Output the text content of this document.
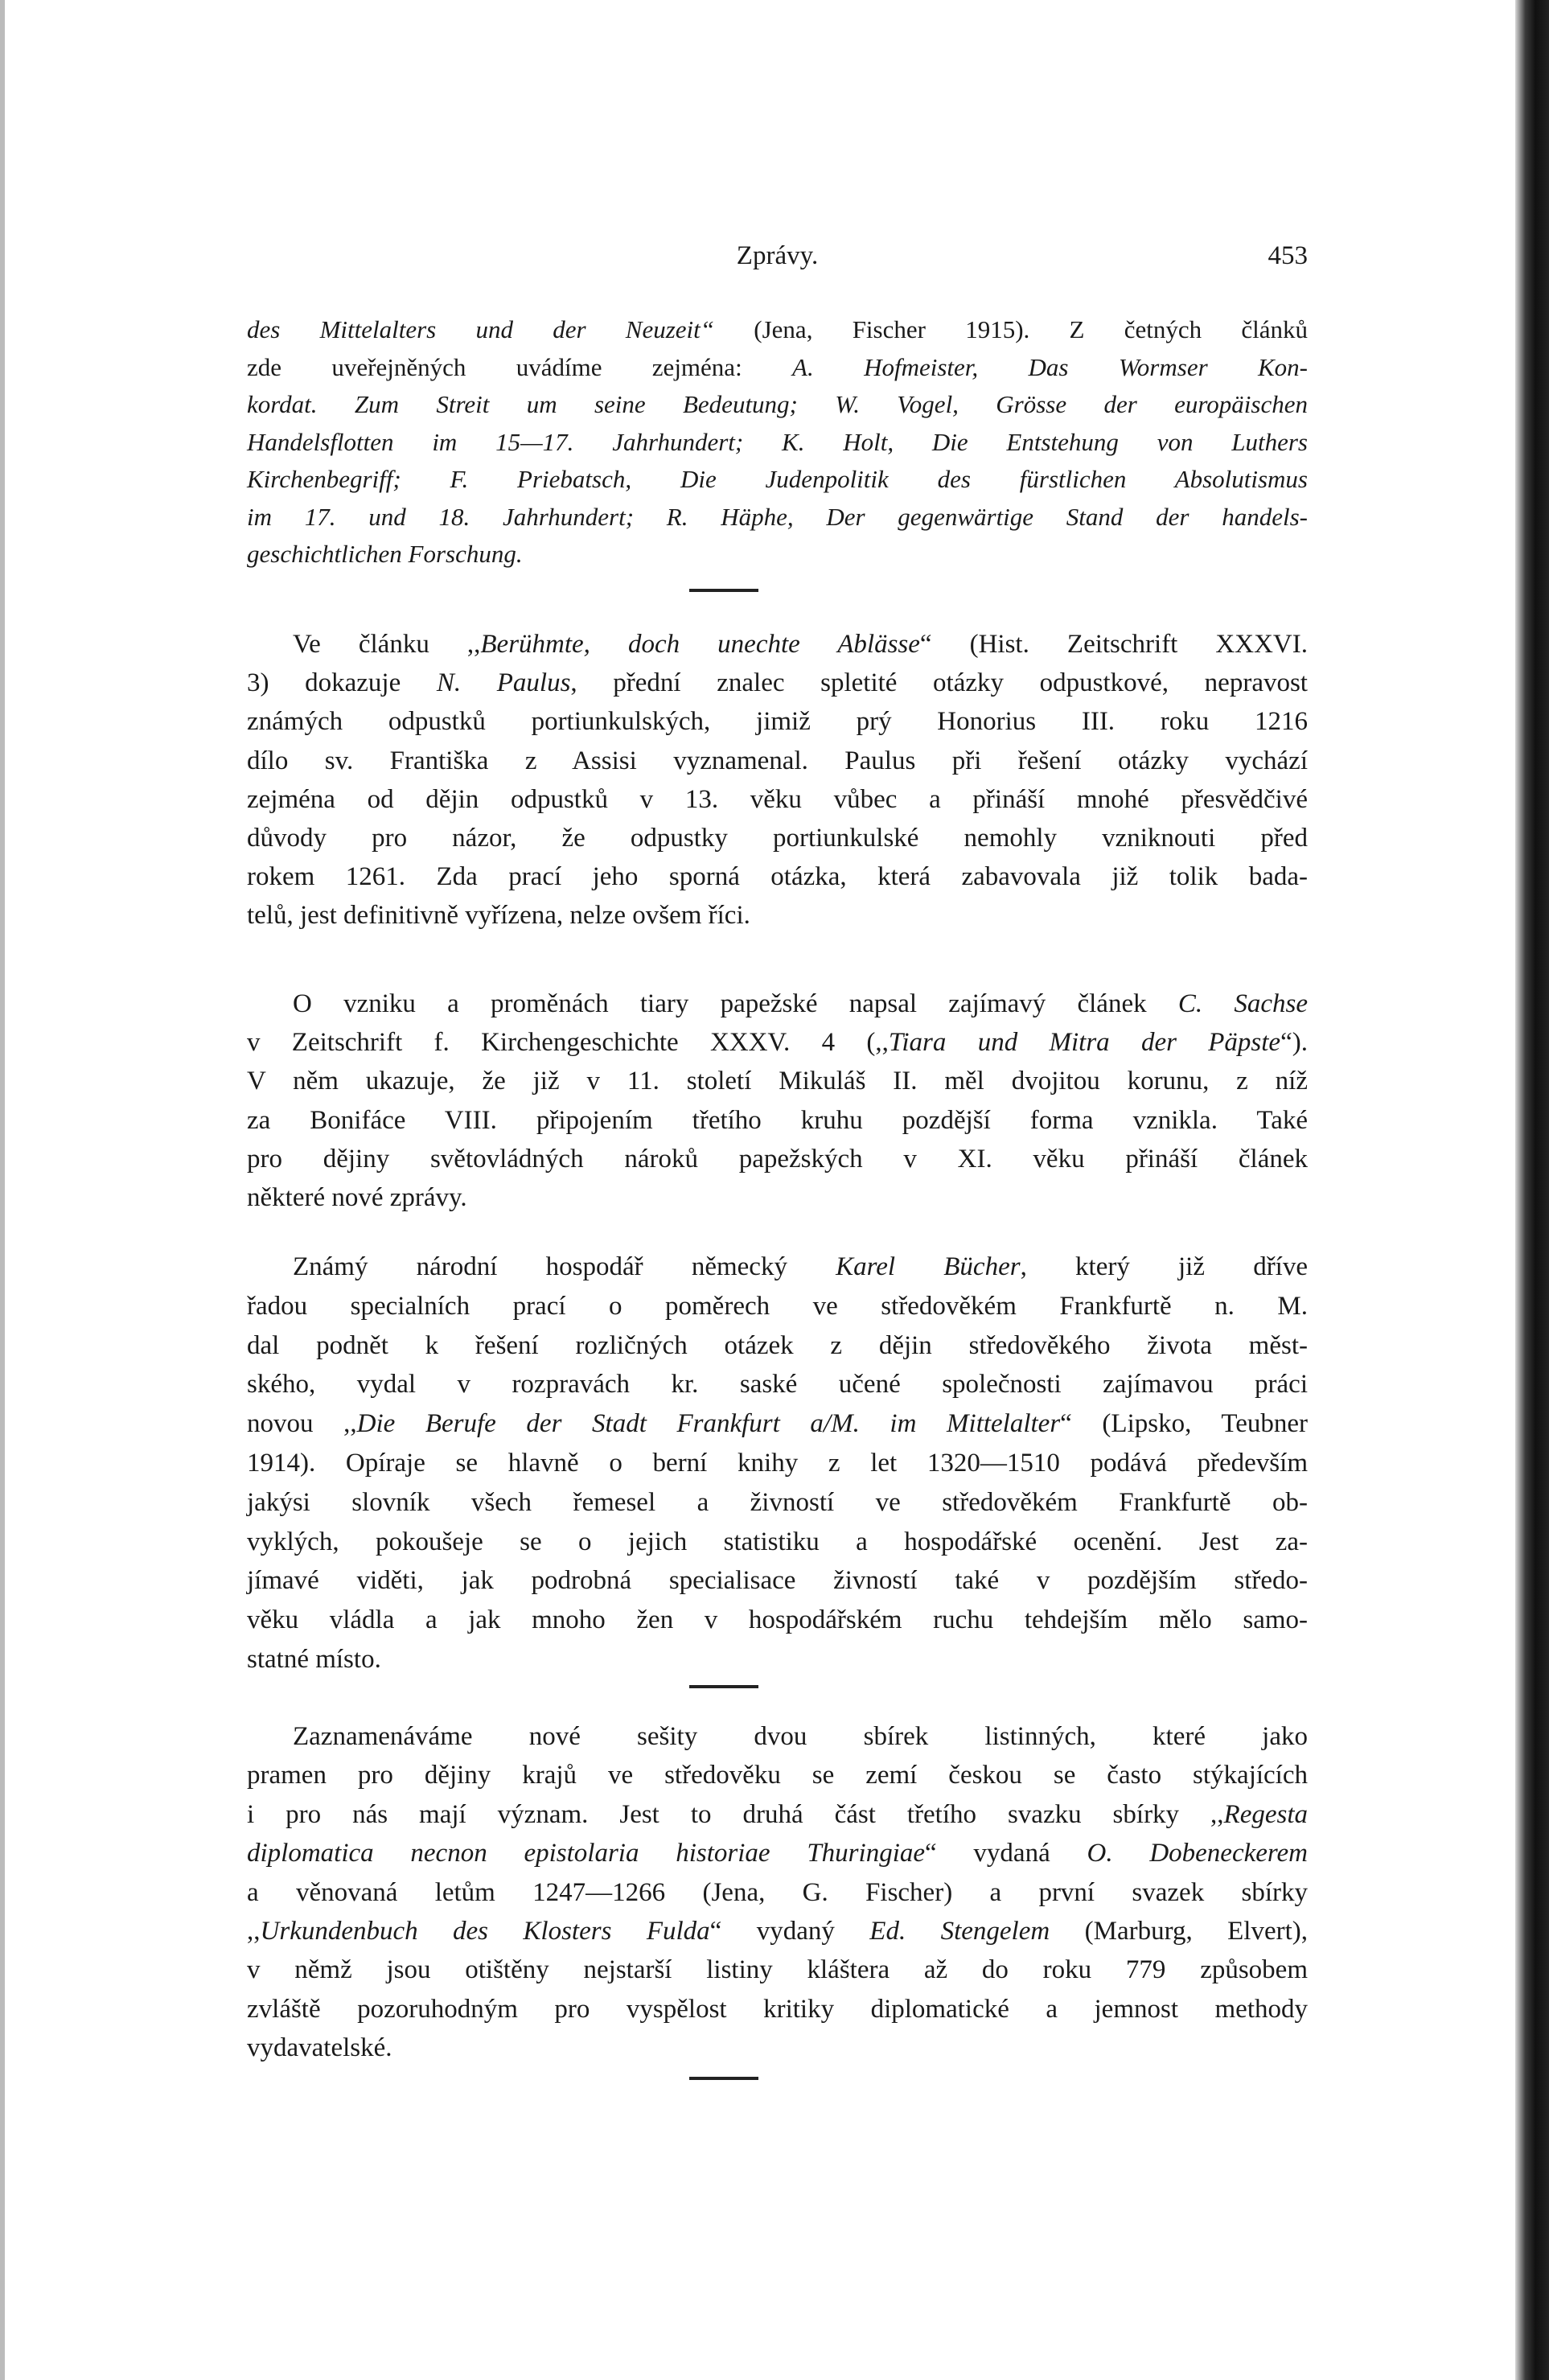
Zprávy.	453
des Mittelalters und der Neuzeit“ (Jena, Fischer 1915). Z četných článků
zde uveřejněných uvádíme zejména: A. Hofmeister, Das Wormser Kon-
kordat. Zum Streit um seine Bedeutung; W. Vogel, Grösse der europäischen
Handelsflotten im 15—17. Jahrhundert; K. Holt, Die Entstehung von Luthers
Kirchenbegriff; F. Priebatsch, Die Judenpolitik des fürstlichen Absolutismus
im 17. und 18. Jahrhundert; R. Häphe, Der gegenwärtige Stand der handels-
geschichtlichen Forschung.
Ve článku ,,Berühmte, doch unechte Ablässe“ (Hist. Zeitschrift XXXVI.
3) dokazuje N. Paulus, přední znalec spletité otázky odpustkové, nepravost
známých odpustků portiunkulských, jimiž prý Honorius III. roku 1216
dílo sv. Františka z Assisi vyznamenal. Paulus při řešení otázky vychází
zejména od dějin odpustků v 13. věku vůbec a přináší mnohé přesvědčivé
důvody pro názor, že odpustky portiunkulské nemohly vzniknouti před
rokem 1261. Zda prací jeho sporná otázka, která zabavovala již tolik bada-
telů, jest definitivně vyřízena, nelze ovšem říci.
O vzniku a proměnách tiary papežské napsal zajímavý článek C. Sachse
v Zeitschrift f. Kirchengeschichte XXXV. 4 (,,Tiara und Mitra der Päpste“).
V něm ukazuje, že již v 11. století Mikuláš II. měl dvojitou korunu, z níž
za Bonifáce VIII. připojením třetího kruhu pozdější forma vznikla. Také
pro dějiny světovládných nároků papežských v XI. věku přináší článek
některé nové zprávy.
Známý národní hospodář německý Karel Bücher, který již dříve
řadou specialních prací o poměrech ve středověkém Frankfurtě n. M.
dal podnět k řešení rozličných otázek z dějin středověkého života měst-
ského, vydal v rozpravách kr. saské učené společnosti zajímavou práci
novou ,,Die Berufe der Stadt Frankfurt a/M. im Mittelalter“ (Lipsko, Teubner
1914). Opíraje se hlavně o berní knihy z let 1320—1510 podává především
jakýsi slovník všech řemesel a živností ve středověkém Frankfurtě ob-
vyklých, pokoušeje se o jejich statistiku a hospodářské ocenění. Jest za-
jímavé viděti, jak podrobná specialisace živností také v pozdějším středo-
věku vládla a jak mnoho žen v hospodářském ruchu tehdejším mělo samo-
statné místo.
Zaznamenáváme nové sešity dvou sbírek listinných, které jako
pramen pro dějiny krajů ve středověku se zemí českou se často stýkajících
i pro nás mají význam. Jest to druhá část třetího svazku sbírky ,,Regesta
diplomatica necnon epistolaria historiae Thuringiae“ vydaná O. Dobeneckerem
a věnovaná letům 1247—1266 (Jena, G. Fischer) a první svazek sbírky
,,Urkundenbuch des Klosters Fulda“ vydaný Ed. Stengelem (Marburg, Elvert),
v němž jsou otištěny nejstarší listiny kláštera až do roku 779 způsobem
zvláště pozoruhodným pro vyspělost kritiky diplomatické a jemnost methody
vydavatelské.
